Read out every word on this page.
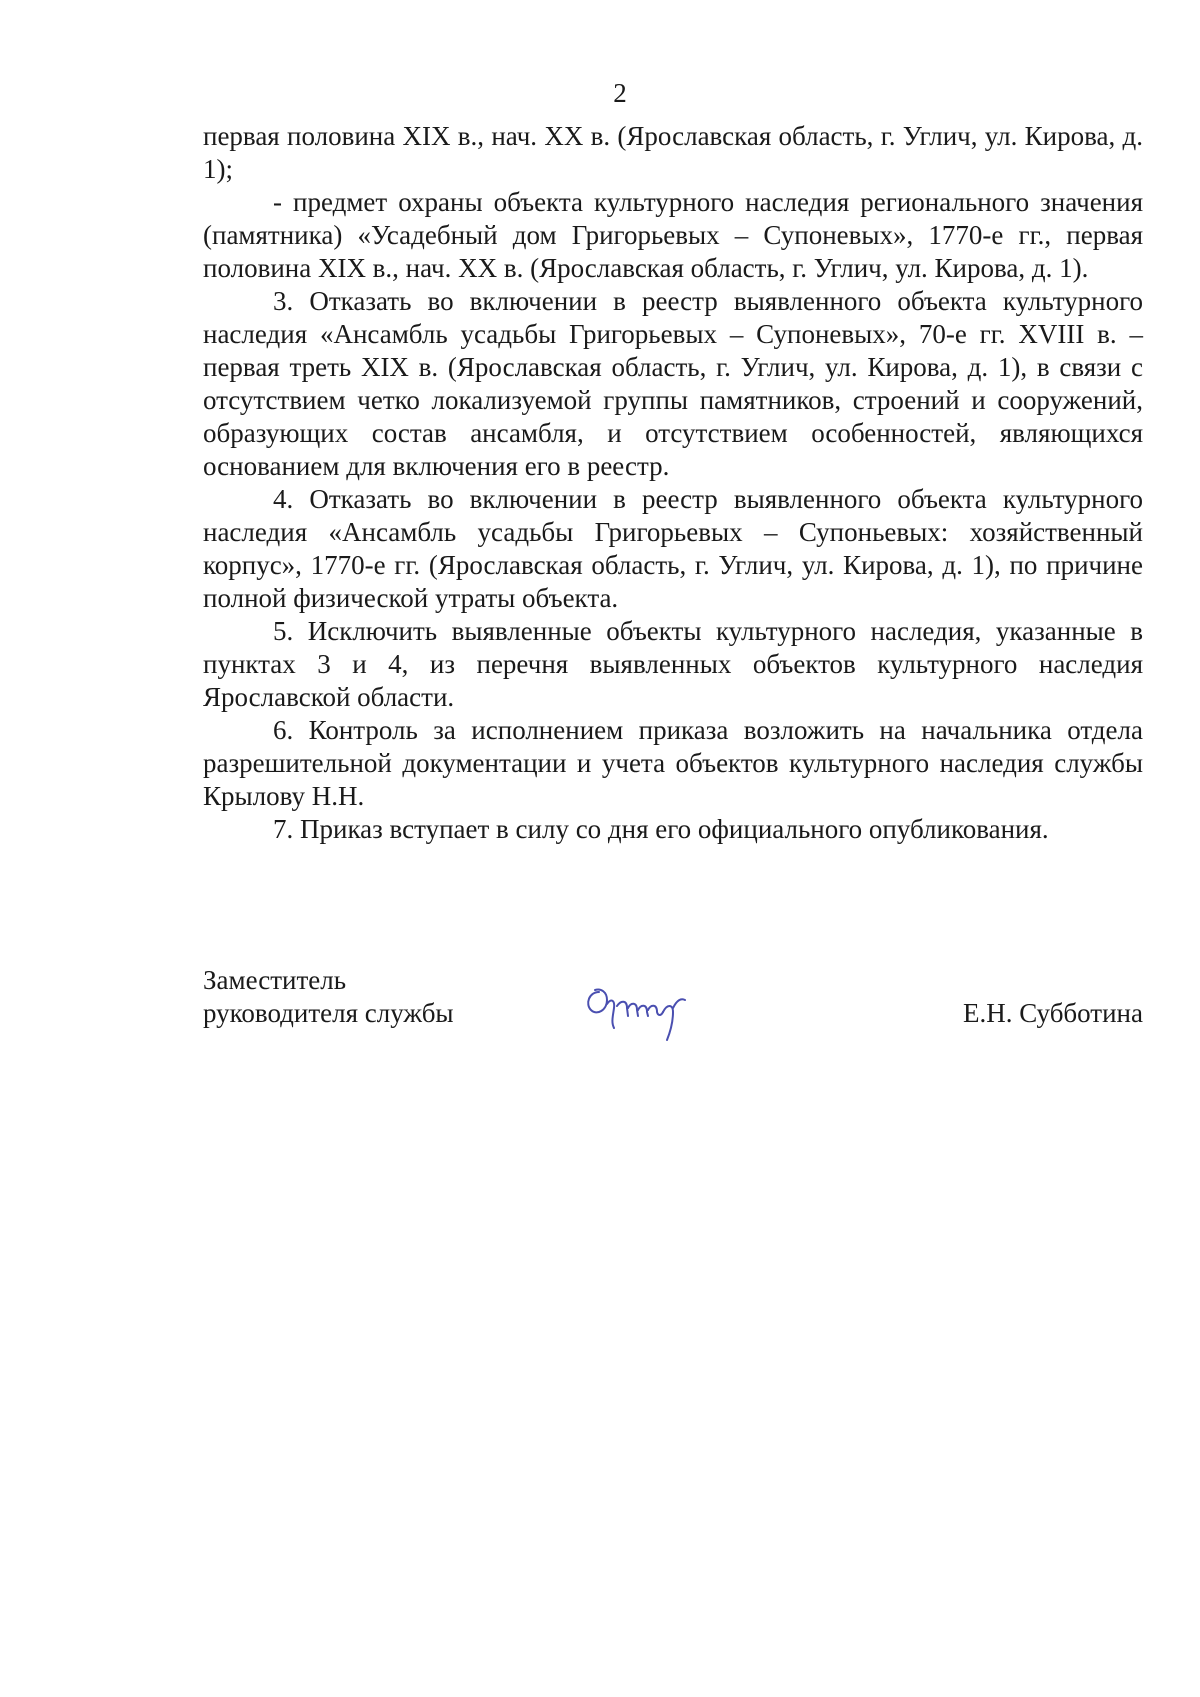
2

первая половина XIX в., нач. XX в. (Ярославская область, г. Углич, ул. Кирова, д. 1);

- предмет охраны объекта культурного наследия регионального значения (памятника) «Усадебный дом Григорьевых – Супоневых», 1770-е гг., первая половина XIX в., нач. XX в. (Ярославская область, г. Углич, ул. Кирова, д. 1).

3. Отказать во включении в реестр выявленного объекта культурного наследия «Ансамбль усадьбы Григорьевых – Супоневых», 70-е гг. XVIII в. – первая треть XIX в. (Ярославская область, г. Углич, ул. Кирова, д. 1), в связи с отсутствием четко локализуемой группы памятников, строений и сооружений, образующих состав ансамбля, и отсутствием особенностей, являющихся основанием для включения его в реестр.

4. Отказать во включении в реестр выявленного объекта культурного наследия «Ансамбль усадьбы Григорьевых – Супоньевых: хозяйственный корпус», 1770-е гг. (Ярославская область, г. Углич, ул. Кирова, д. 1), по причине полной физической утраты объекта.

5. Исключить выявленные объекты культурного наследия, указанные в пунктах 3 и 4, из перечня выявленных объектов культурного наследия Ярославской области.

6. Контроль за исполнением приказа возложить на начальника отдела разрешительной документации и учета объектов культурного наследия службы Крылову Н.Н.

7. Приказ вступает в силу со дня его официального опубликования.

Заместитель
руководителя службы	Е.Н. Субботина
